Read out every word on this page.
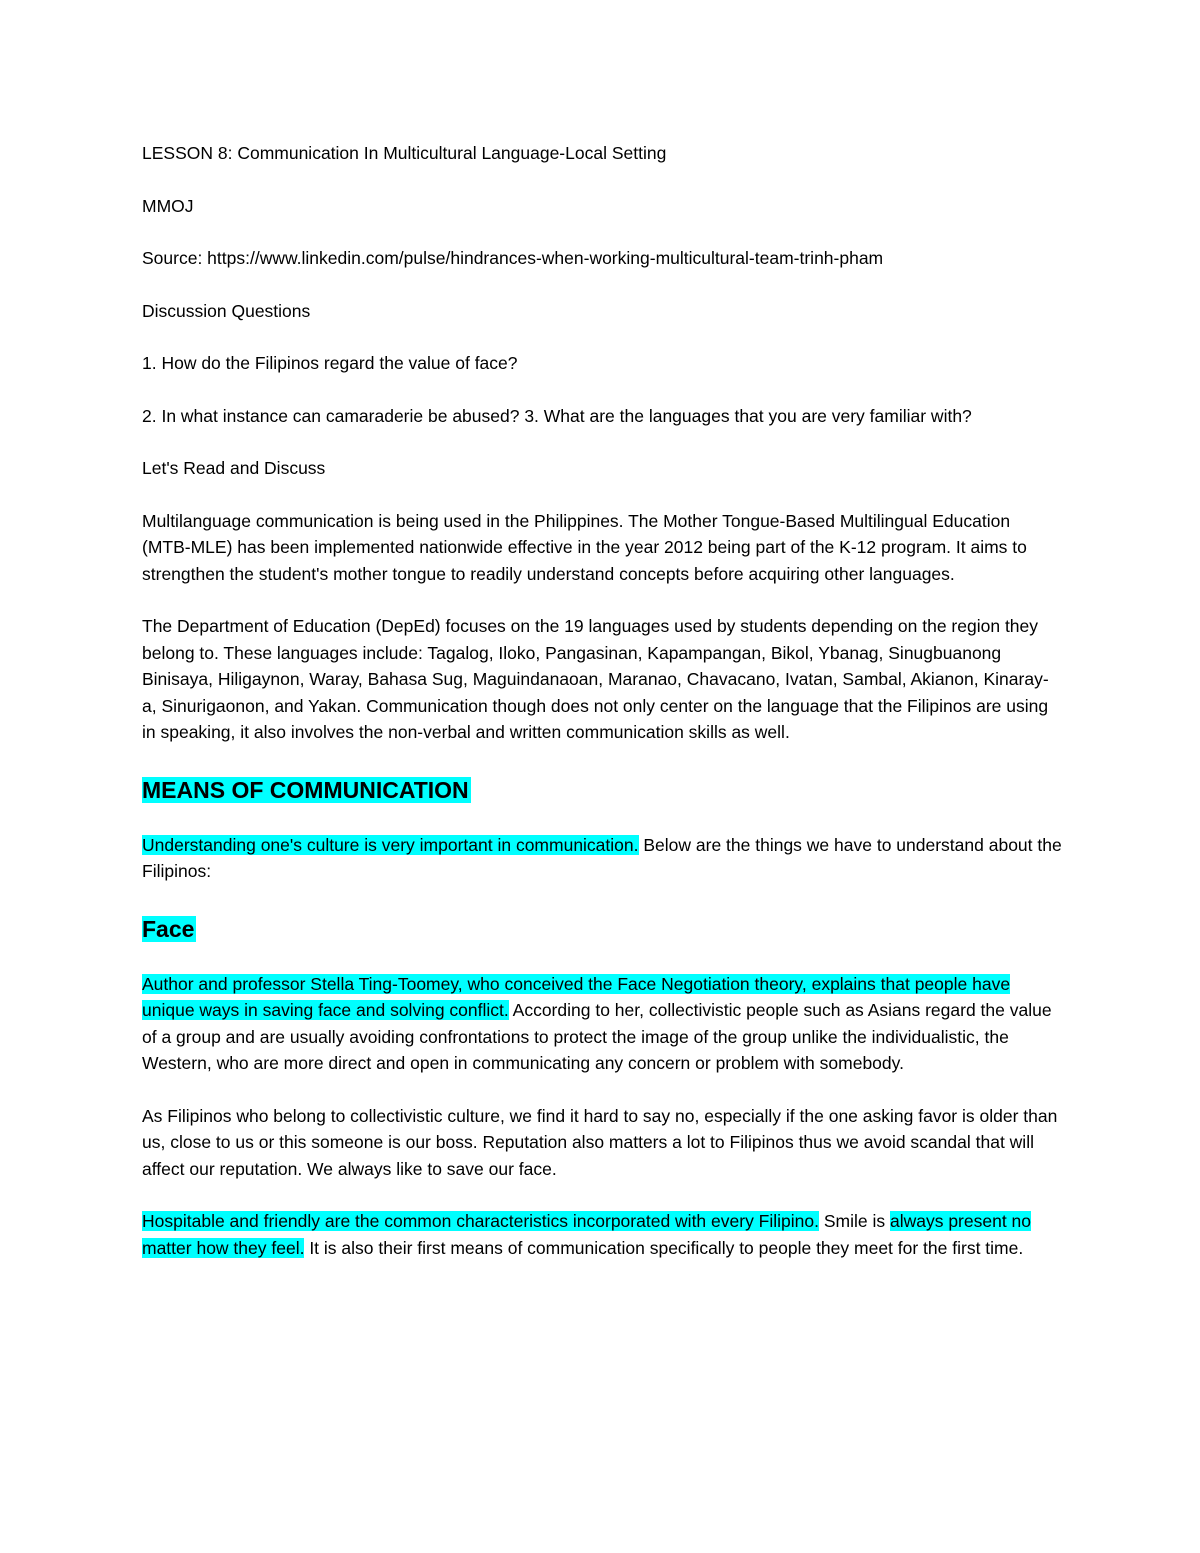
LESSON 8: Communication In Multicultural Language-Local Setting

MMOJ

Source: https://www.linkedin.com/pulse/hindrances-when-working-multicultural-team-trinh-pham

Discussion Questions

1. How do the Filipinos regard the value of face?

2. In what instance can camaraderie be abused? 3. What are the languages that you are very familiar with?

Let's Read and Discuss

Multilanguage communication is being used in the Philippines. The Mother Tongue-Based Multilingual Education (MTB-MLE) has been implemented nationwide effective in the year 2012 being part of the K-12 program. It aims to strengthen the student's mother tongue to readily understand concepts before acquiring other languages.

The Department of Education (DepEd) focuses on the 19 languages used by students depending on the region they belong to. These languages include: Tagalog, Iloko, Pangasinan, Kapampangan, Bikol, Ybanag, Sinugbuanong Binisaya, Hiligaynon, Waray, Bahasa Sug, Maguindanaoan, Maranao, Chavacano, Ivatan, Sambal, Akianon, Kinaray-a, Sinurigaonon, and Yakan. Communication though does not only center on the language that the Filipinos are using in speaking, it also involves the non-verbal and written communication skills as well.

MEANS OF COMMUNICATION

Understanding one's culture is very important in communication. Below are the things we have to understand about the Filipinos:

Face

Author and professor Stella Ting-Toomey, who conceived the Face Negotiation theory, explains that people have unique ways in saving face and solving conflict. According to her, collectivistic people such as Asians regard the value of a group and are usually avoiding confrontations to protect the image of the group unlike the individualistic, the Western, who are more direct and open in communicating any concern or problem with somebody.

As Filipinos who belong to collectivistic culture, we find it hard to say no, especially if the one asking favor is older than us, close to us or this someone is our boss. Reputation also matters a lot to Filipinos thus we avoid scandal that will affect our reputation. We always like to save our face.

Hospitable and friendly are the common characteristics incorporated with every Filipino. Smile is always present no matter how they feel. It is also their first means of communication specifically to people they meet for the first time.
